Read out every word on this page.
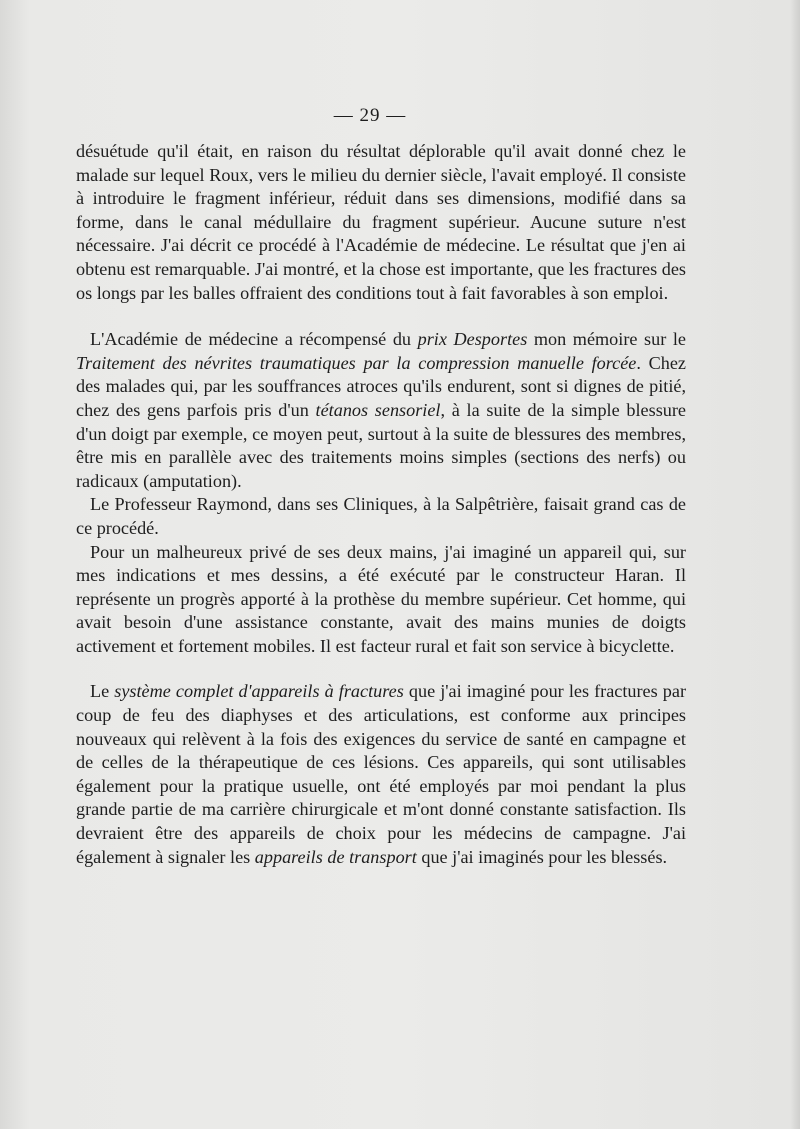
— 29 —

désuétude qu'il était, en raison du résultat déplorable qu'il avait donné chez le malade sur lequel Roux, vers le milieu du dernier siècle, l'avait employé. Il consiste à introduire le fragment inférieur, réduit dans ses dimensions, modifié dans sa forme, dans le canal médullaire du fragment supérieur. Aucune suture n'est nécessaire. J'ai décrit ce procédé à l'Académie de médecine. Le résultat que j'en ai obtenu est remarquable. J'ai montré, et la chose est importante, que les fractures des os longs par les balles offraient des conditions tout à fait favorables à son emploi.

L'Académie de médecine a récompensé du prix Desportes mon mémoire sur le Traitement des névrites traumatiques par la compression manuelle forcée. Chez des malades qui, par les souffrances atroces qu'ils endurent, sont si dignes de pitié, chez des gens parfois pris d'un tétanos sensoriel, à la suite de la simple blessure d'un doigt par exemple, ce moyen peut, surtout à la suite de blessures des membres, être mis en parallèle avec des traitements moins simples (sections des nerfs) ou radicaux (amputation).

Le Professeur Raymond, dans ses Cliniques, à la Salpêtrière, faisait grand cas de ce procédé.

Pour un malheureux privé de ses deux mains, j'ai imaginé un appareil qui, sur mes indications et mes dessins, a été exécuté par le constructeur Haran. Il représente un progrès apporté à la prothèse du membre supérieur. Cet homme, qui avait besoin d'une assistance constante, avait des mains munies de doigts activement et fortement mobiles. Il est facteur rural et fait son service à bicyclette.

Le système complet d'appareils à fractures que j'ai imaginé pour les fractures par coup de feu des diaphyses et des articulations, est conforme aux principes nouveaux qui relèvent à la fois des exigences du service de santé en campagne et de celles de la thérapeutique de ces lésions. Ces appareils, qui sont utilisables également pour la pratique usuelle, ont été employés par moi pendant la plus grande partie de ma carrière chirurgicale et m'ont donné constante satisfaction. Ils devraient être des appareils de choix pour les médecins de campagne. J'ai également à signaler les appareils de transport que j'ai imaginés pour les blessés.
